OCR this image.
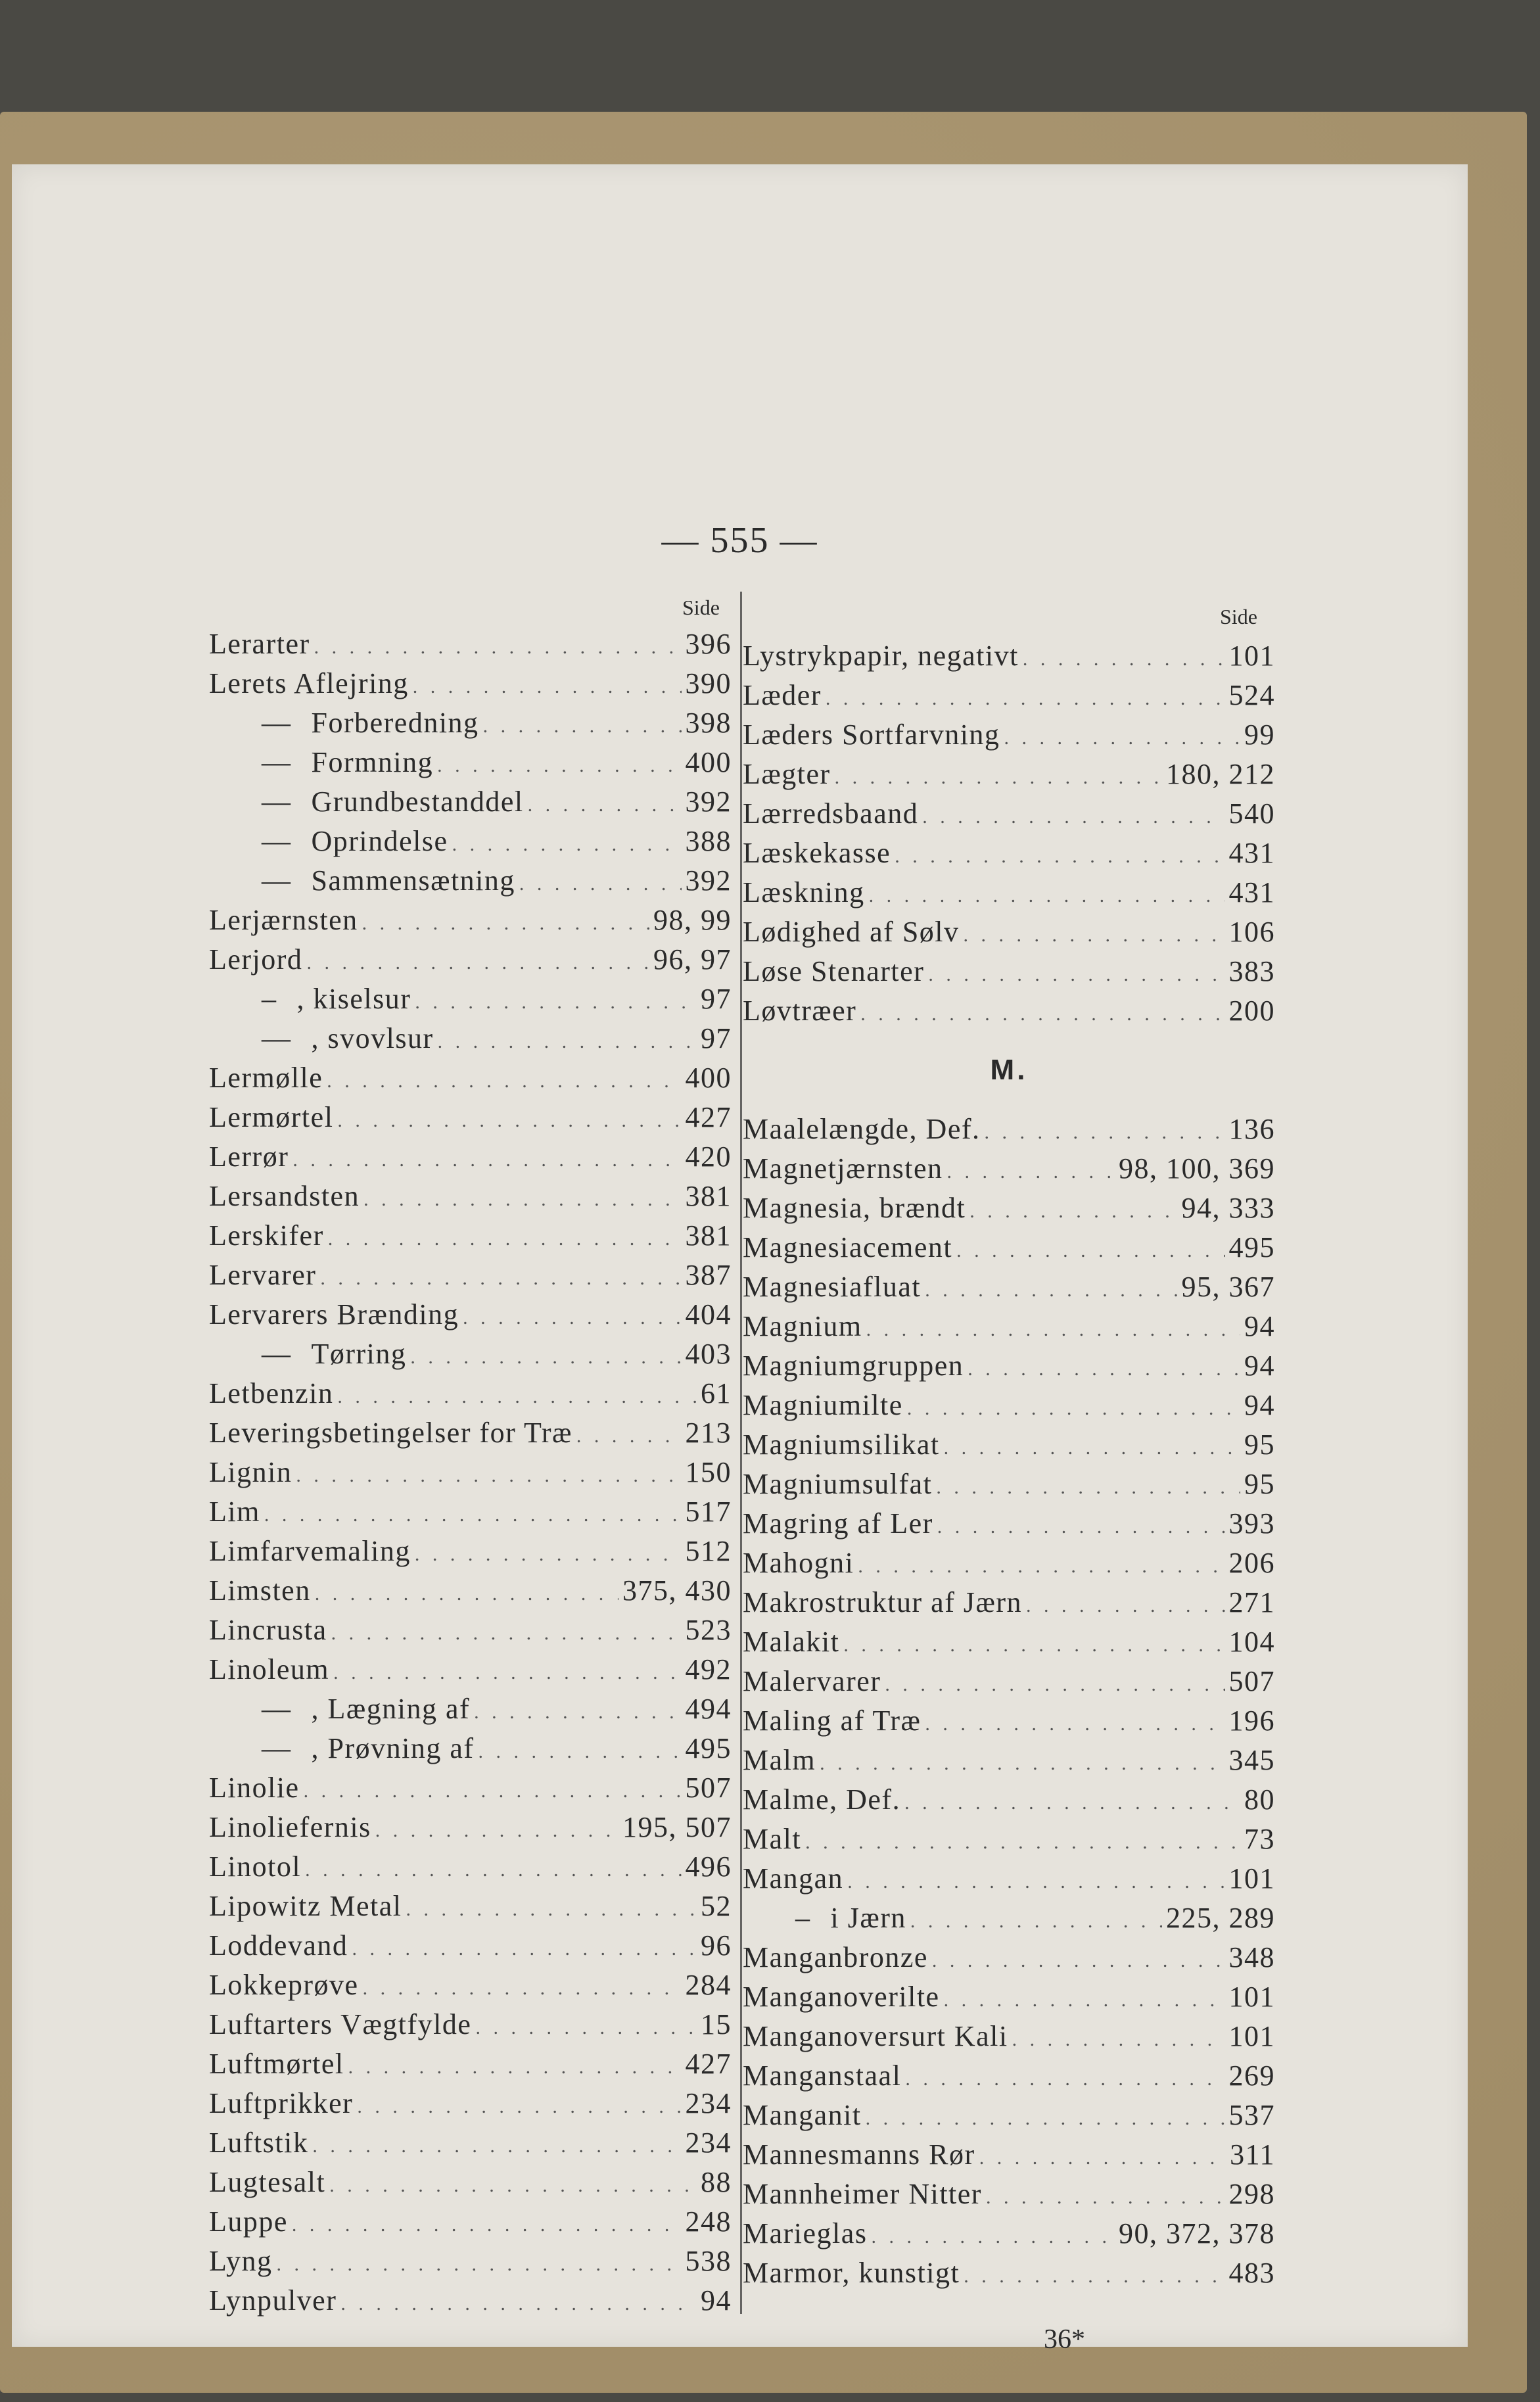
— 555 —
Side	Side
Lerarter . . .	396
Lerets Aflejring . . .	390
— Forberedning . . .	398
— Formning . . .	400
— Grundbestanddel . . .	392
— Oprindelse . . .	388
— Sammensætning . . .	392
Lerjærnsten . . .	98, 99
Lerjord . . .	96, 97
– , kiselsur . . .	97
— , svovlsur . . .	97
Lermølle . . .	400
Lermørtel . . .	427
Lerrør . . .	420
Lersandsten . . .	381
Lerskifer . . .	381
Lervarer . . .	387
Lervarers Brænding . . .	404
— Tørring . . .	403
Letbenzin . . .	61
Leveringsbetingelser for Træ . . .	213
Lignin . . .	150
Lim . . .	517
Limfarvemaling . . .	512
Limsten . . .	375, 430
Lincrusta . . .	523
Linoleum . . .	492
— , Lægning af . . .	494
— , Prøvning af . . .	495
Linolie . . .	507
Linoliefernis . . .	195, 507
Linotol . . .	496
Lipowitz Metal . . .	52
Loddevand . . .	96
Lokkeprøve . . .	284
Luftarters Vægtfylde . . .	15
Luftmørtel . . .	427
Luftprikker . . .	234
Luftstik . . .	234
Lugtesalt . . .	88
Luppe . . .	248
Lyng . . .	538
Lynpulver . . .	94
Lystrykpapir, negativt . . .	101
Læder . . .	524
Læders Sortfarvning . . .	99
Lægter . . .	180, 212
Lærredsbaand . . .	540
Læskekasse . . .	431
Læskning . . .	431
Lødighed af Sølv . . .	106
Løse Stenarter . . .	383
Løvtræer . . .	200
M.
Maalelængde, Def. . . .	136
Magnetjærnsten . . .	98, 100, 369
Magnesia, brændt . . .	94, 333
Magnesiacement . . .	495
Magnesiafluat . . .	95, 367
Magnium . . .	94
Magniumgruppen . . .	94
Magniumilte . . .	94
Magniumsilikat . . .	95
Magniumsulfat . . .	95
Magring af Ler . . .	393
Mahogni . . .	206
Makrostruktur af Jærn . . .	271
Malakit . . .	104
Malervarer . . .	507
Maling af Træ . . .	196
Malm . . .	345
Malme, Def. . . .	80
Malt . . .	73
Mangan . . .	101
– i Jærn . . .	225, 289
Manganbronze . . .	348
Manganoverilte . . .	101
Manganoversurt Kali . . .	101
Manganstaal . . .	269
Manganit . . .	537
Mannesmanns Rør . . .	311
Mannheimer Nitter . . .	298
Marieglas . . .	90, 372, 378
Marmor, kunstigt . . .	483
36*
